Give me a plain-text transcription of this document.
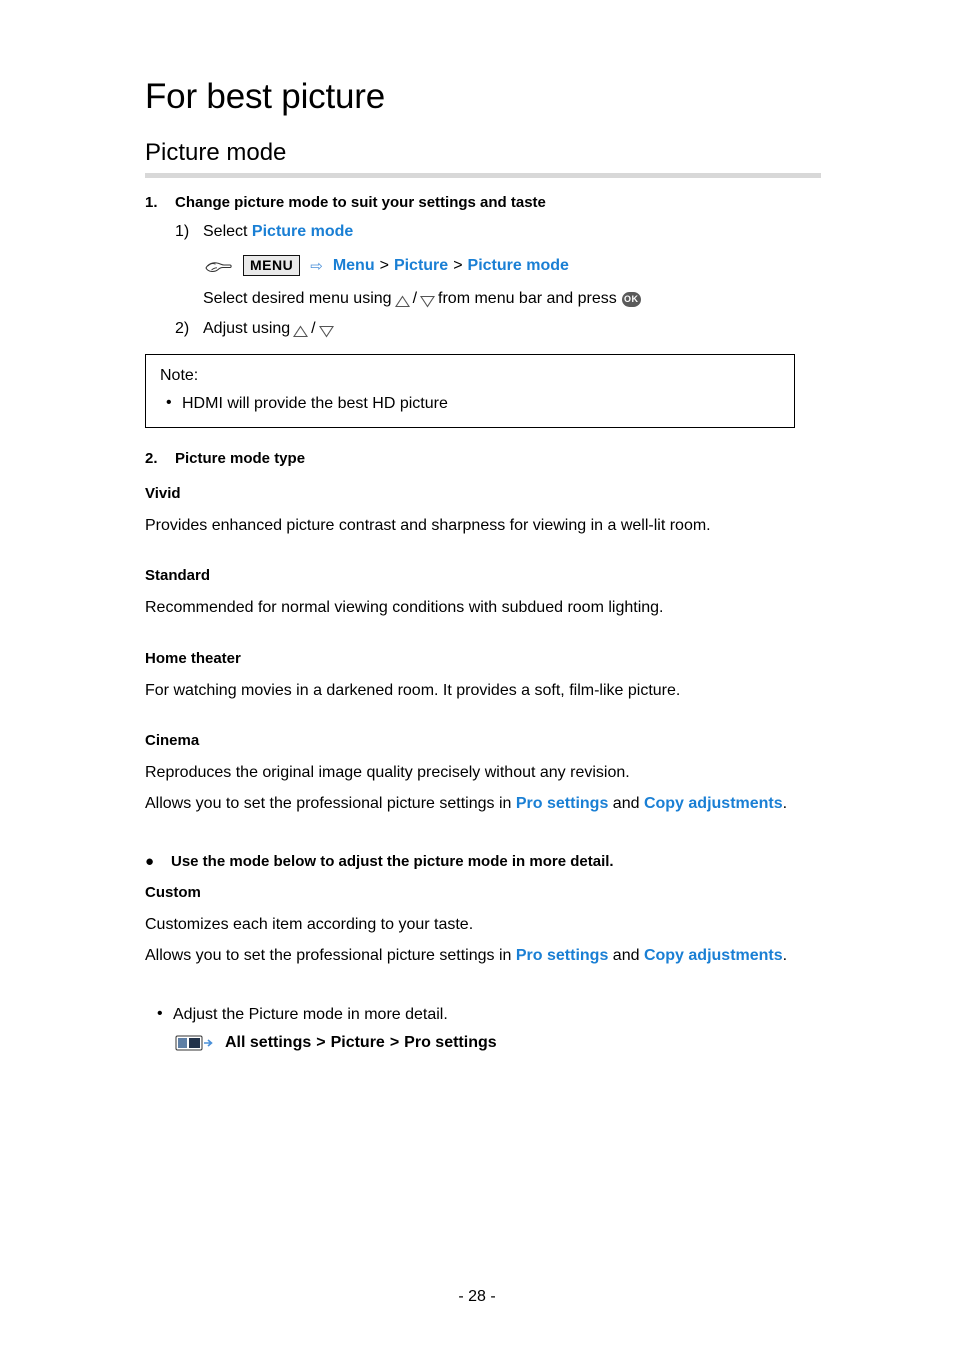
For best picture
Picture mode
1. Change picture mode to suit your settings and taste
1) Select Picture mode
MENU	⇨ Menu > Picture > Picture mode
Select desired menu using / from menu bar and press OK
2) Adjust using /
Note:
• HDMI will provide the best HD picture
2. Picture mode type
Vivid
Provides enhanced picture contrast and sharpness for viewing in a well-lit room.
Standard
Recommended for normal viewing conditions with subdued room lighting.
Home theater
For watching movies in a darkened room. It provides a soft, film-like picture.
Cinema
Reproduces the original image quality precisely without any revision.
Allows you to set the professional picture settings in Pro settings and Copy adjustments.
● Use the mode below to adjust the picture mode in more detail.
Custom
Customizes each item according to your taste.
Allows you to set the professional picture settings in Pro settings and Copy adjustments.
• Adjust the Picture mode in more detail.
All settings > Picture > Pro settings
- 28 -
